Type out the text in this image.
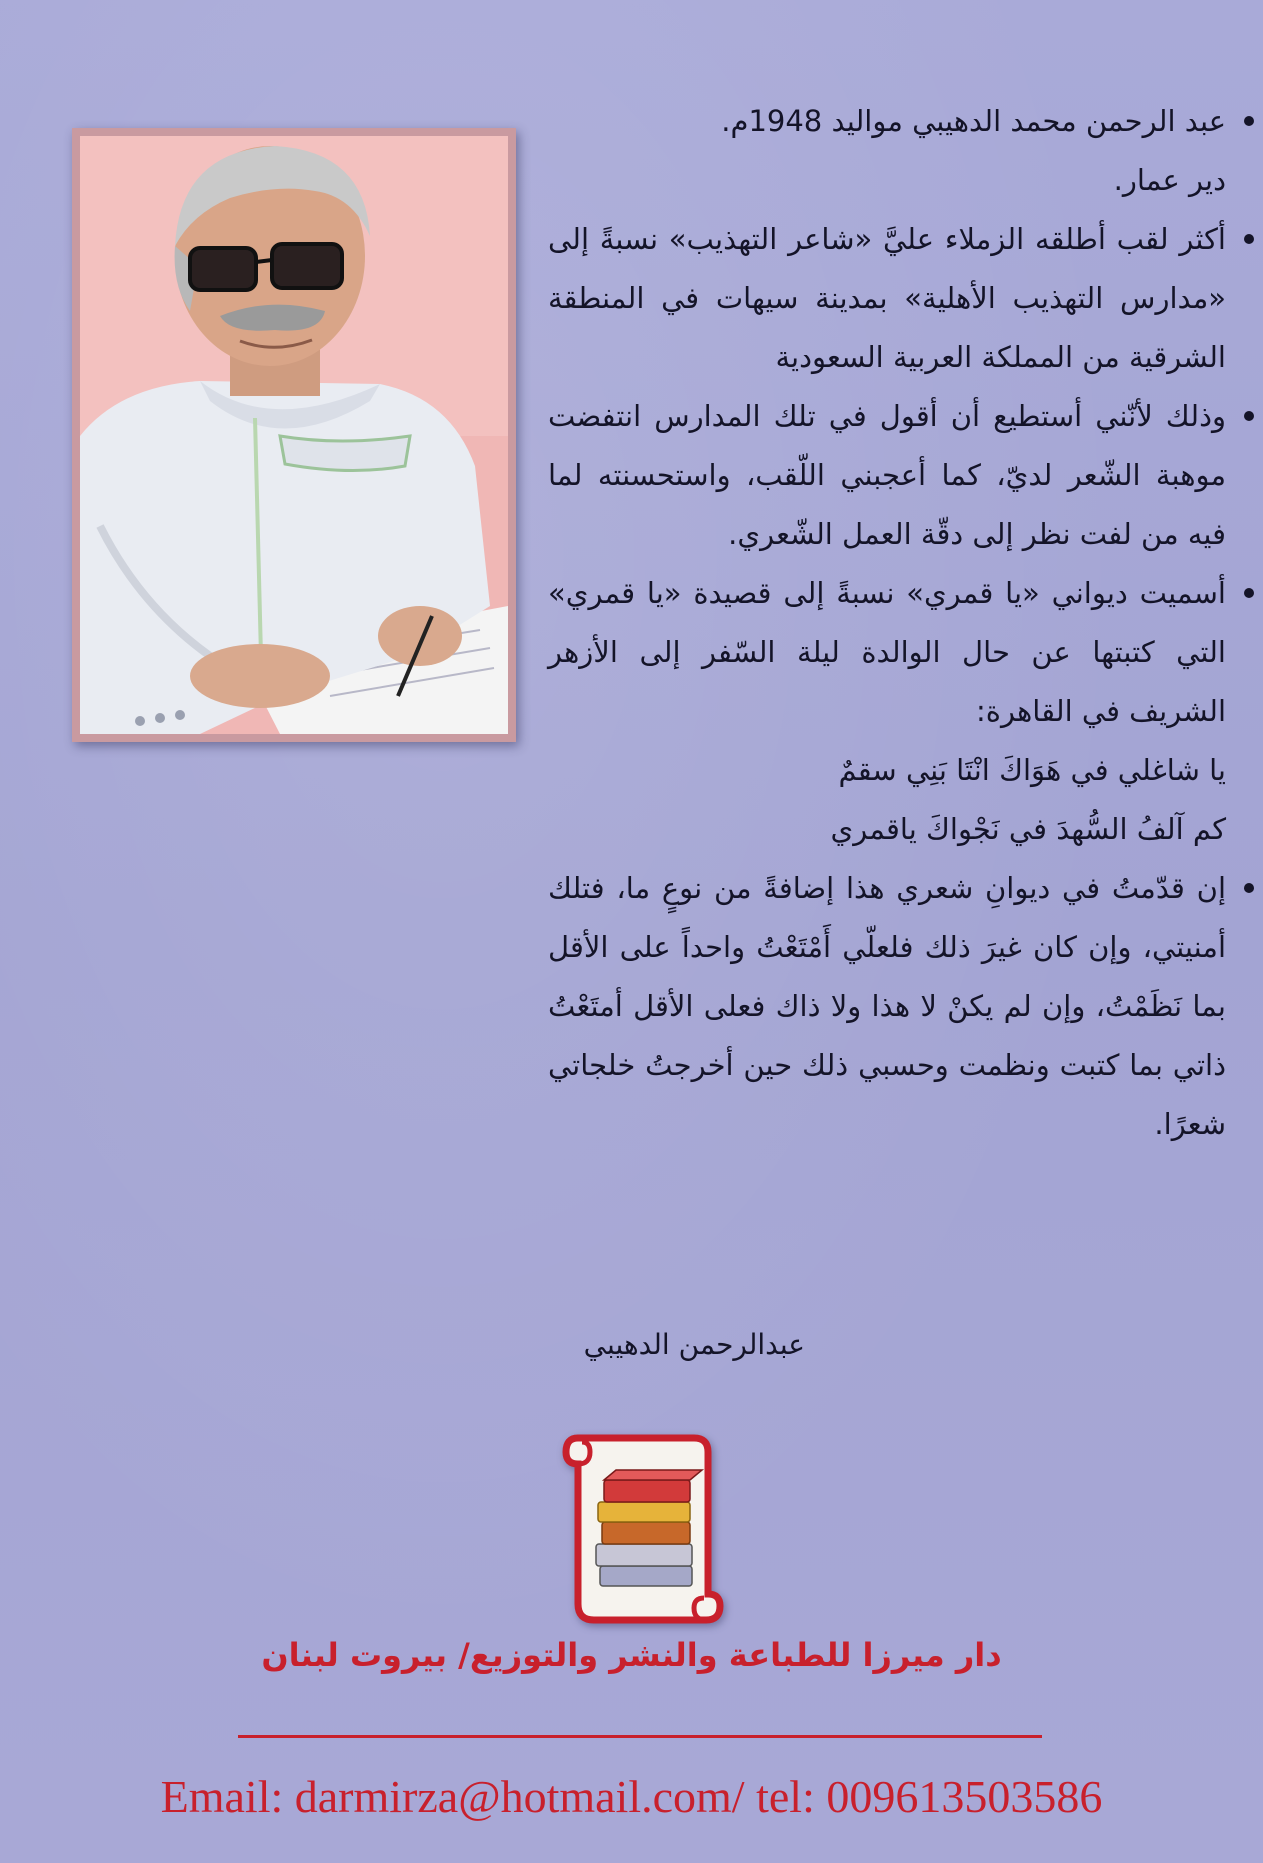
عبد الرحمن محمد الدهيبي مواليد 1948م.
دير عمار.
أكثر لقب أطلقه الزملاء عليَّ «شاعر التهذيب» نسبةً إلى «مدارس التهذيب الأهلية» بمدينة سيهات في المنطقة الشرقية من المملكة العربية السعودية
وذلك لأنّني أستطيع أن أقول في تلك المدارس انتفضت موهبة الشّعر لديّ، كما أعجبني اللّقب، واستحسنته لما فيه من لفت نظر إلى دقّة العمل الشّعري.
أسميت ديواني «يا قمري» نسبةً إلى قصيدة «يا قمري» التي كتبتها عن حال الوالدة ليلة السّفر إلى الأزهر الشريف في القاهرة:
يا شاغلي في هَوَاكَ انْتَا بَنِي سقمٌ
كم آلفُ السُّهدَ في نَجْواكَ ياقمري
إن قدّمتُ في ديوانِ شعري هذا إضافةً من نوعٍ ما، فتلك أمنيتي، وإن كان غيرَ ذلك فلعلّي أَمْتَعْتُ واحداً على الأقل بما نَظَمْتُ، وإن لم يكنْ لا هذا ولا ذاك فعلى الأقل أمتَعْتُ ذاتي بما كتبت ونظمت وحسبي ذلك حين أخرجتُ خلجاتي شعرًا.
عبدالرحمن الدهيبي
دار ميرزا للطباعة والنشر والتوزيع/ بيروت لبنان
Email: darmirza@hotmail.com/ tel: 009613503586
